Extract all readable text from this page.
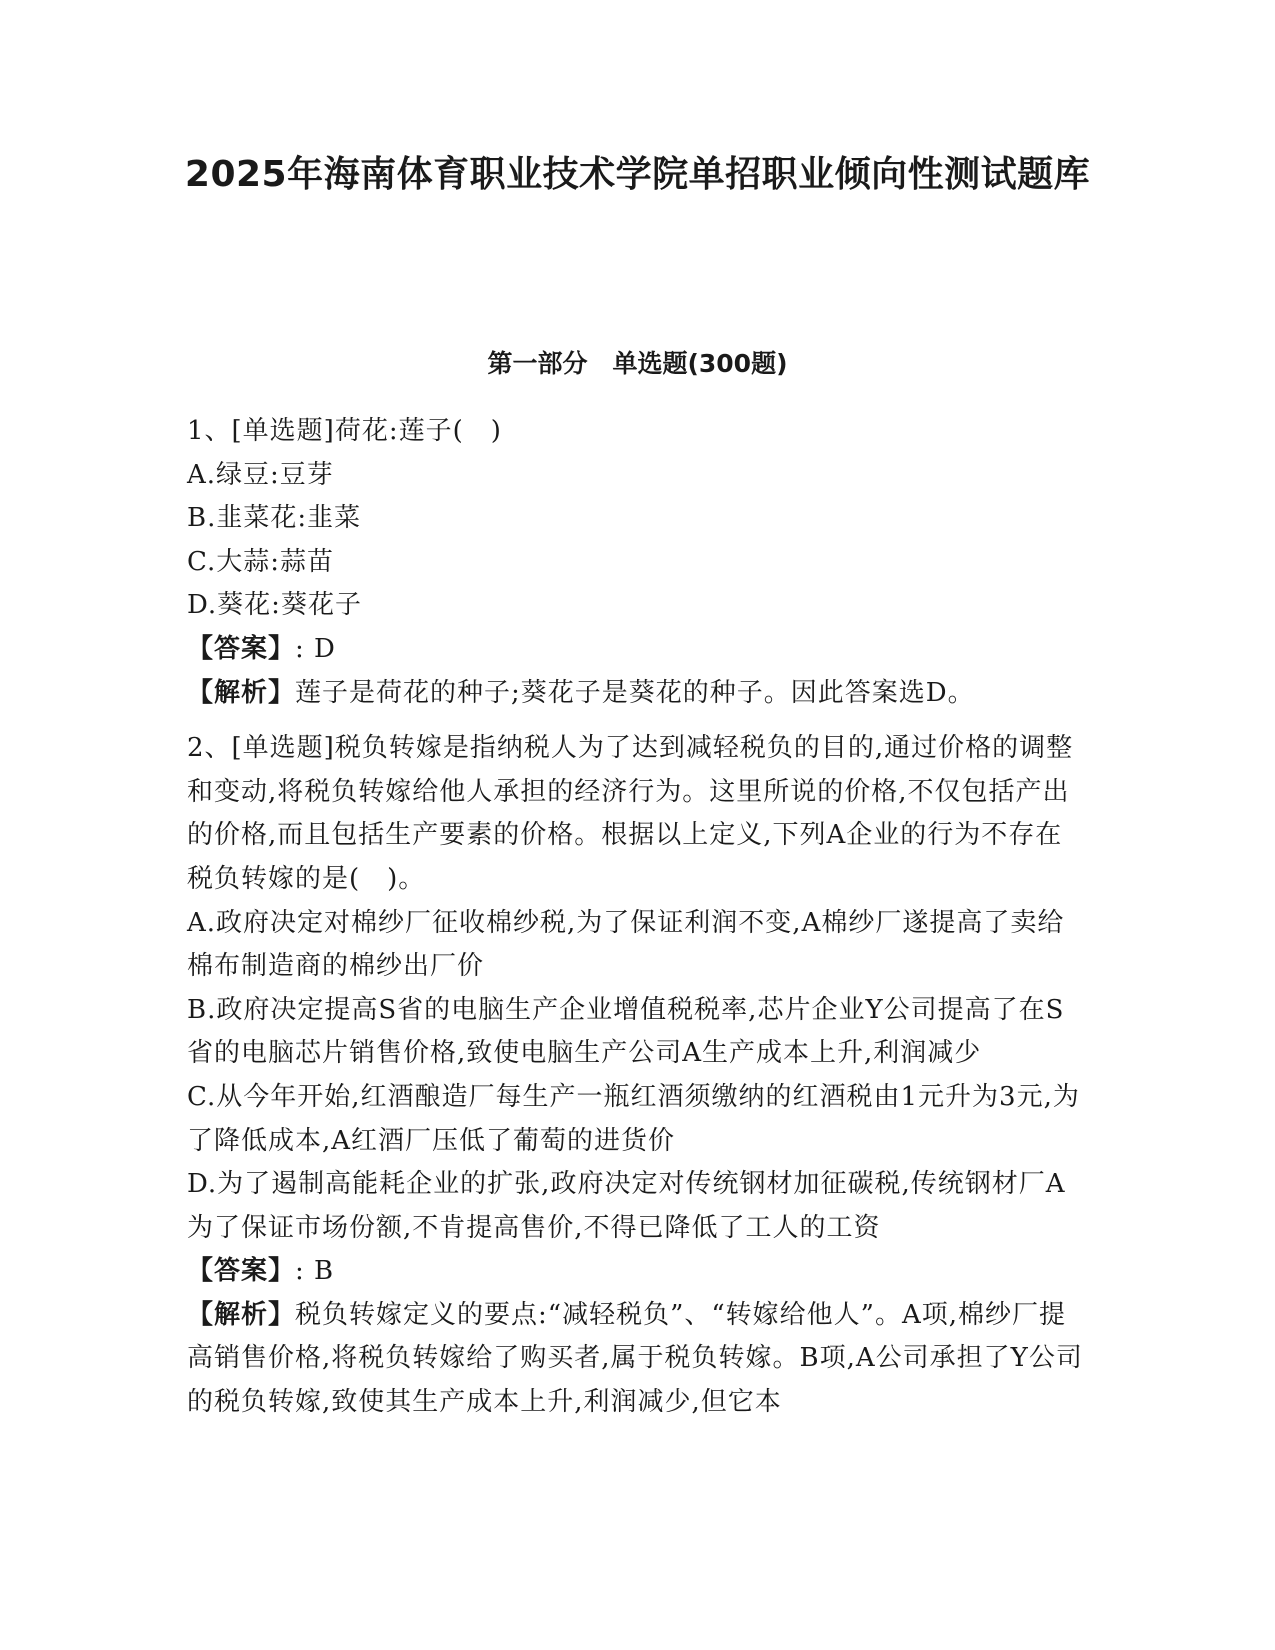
2025年海南体育职业技术学院单招职业倾向性测试题库
第一部分　单选题(300题)

1、[单选题]荷花:莲子(　)

A.绿豆:豆芽

B.韭菜花:韭菜

C.大蒜:蒜苗

D.葵花:葵花子

【答案】: D

【解析】莲子是荷花的种子;葵花子是葵花的种子。因此答案选D。

2、[单选题]税负转嫁是指纳税人为了达到减轻税负的目的,通过价格的调整和变动,将税负转嫁给他人承担的经济行为。这里所说的价格,不仅包括产出的价格,而且包括生产要素的价格。根据以上定义,下列A企业的行为不存在税负转嫁的是(　)。

A.政府决定对棉纱厂征收棉纱税,为了保证利润不变,A棉纱厂遂提高了卖给棉布制造商的棉纱出厂价

B.政府决定提高S省的电脑生产企业增值税税率,芯片企业Y公司提高了在S省的电脑芯片销售价格,致使电脑生产公司A生产成本上升,利润减少

C.从今年开始,红酒酿造厂每生产一瓶红酒须缴纳的红酒税由1元升为3元,为了降低成本,A红酒厂压低了葡萄的进货价

D.为了遏制高能耗企业的扩张,政府决定对传统钢材加征碳税,传统钢材厂A为了保证市场份额,不肯提高售价,不得已降低了工人的工资

【答案】: B

【解析】税负转嫁定义的要点:“减轻税负”、“转嫁给他人”。A项,棉纱厂提高销售价格,将税负转嫁给了购买者,属于税负转嫁。B项,A公司承担了Y公司的税负转嫁,致使其生产成本上升,利润减少,但它本
